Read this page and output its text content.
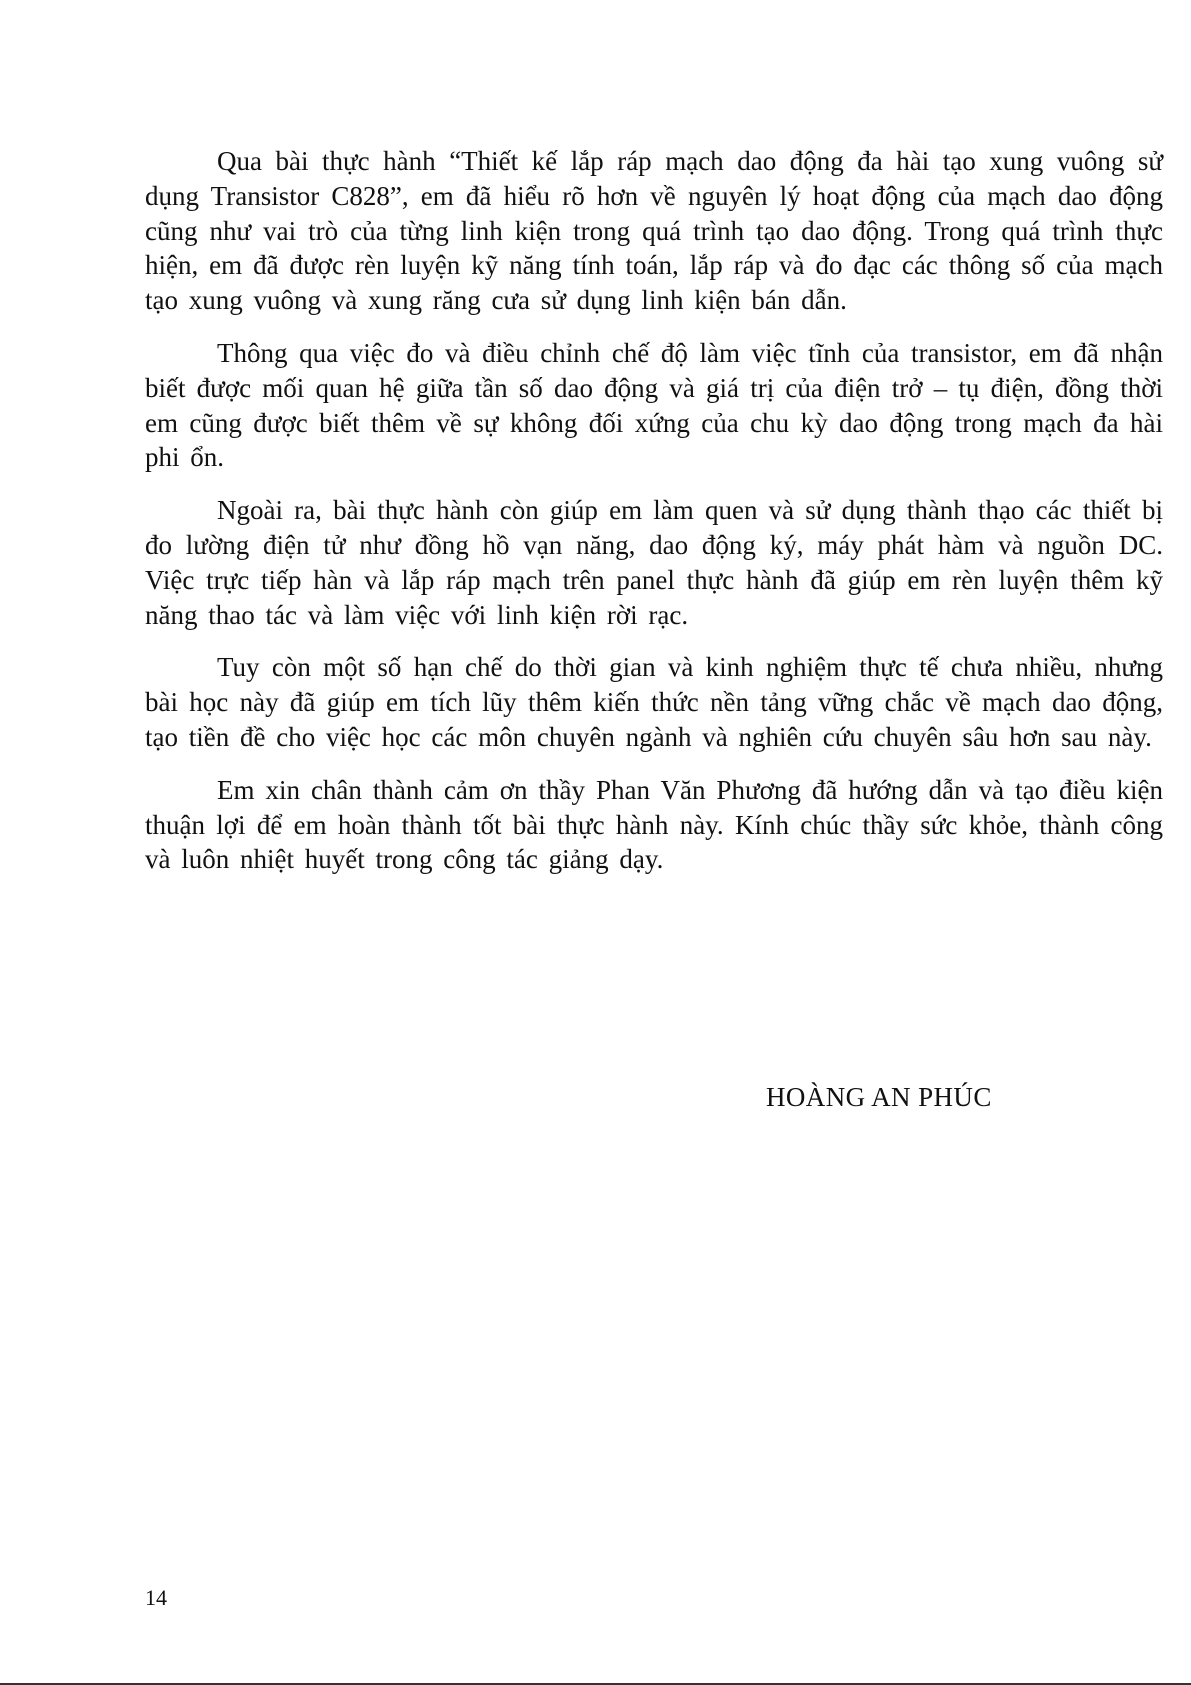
Qua bài thực hành “Thiết kế lắp ráp mạch dao động đa hài tạo xung vuông sử dụng Transistor C828”, em đã hiểu rõ hơn về nguyên lý hoạt động của mạch dao động cũng như vai trò của từng linh kiện trong quá trình tạo dao động. Trong quá trình thực hiện, em đã được rèn luyện kỹ năng tính toán, lắp ráp và đo đạc các thông số của mạch tạo xung vuông và xung răng cưa sử dụng linh kiện bán dẫn.

Thông qua việc đo và điều chỉnh chế độ làm việc tĩnh của transistor, em đã nhận biết được mối quan hệ giữa tần số dao động và giá trị của điện trở – tụ điện, đồng thời em cũng được biết thêm về sự không đối xứng của chu kỳ dao động trong mạch đa hài phi ổn.

Ngoài ra, bài thực hành còn giúp em làm quen và sử dụng thành thạo các thiết bị đo lường điện tử như đồng hồ vạn năng, dao động ký, máy phát hàm và nguồn DC. Việc trực tiếp hàn và lắp ráp mạch trên panel thực hành đã giúp em rèn luyện thêm kỹ năng thao tác và làm việc với linh kiện rời rạc.

Tuy còn một số hạn chế do thời gian và kinh nghiệm thực tế chưa nhiều, nhưng bài học này đã giúp em tích lũy thêm kiến thức nền tảng vững chắc về mạch dao động, tạo tiền đề cho việc học các môn chuyên ngành và nghiên cứu chuyên sâu hơn sau này.

Em xin chân thành cảm ơn thầy Phan Văn Phương đã hướng dẫn và tạo điều kiện thuận lợi để em hoàn thành tốt bài thực hành này. Kính chúc thầy sức khỏe, thành công và luôn nhiệt huyết trong công tác giảng dạy.

HOÀNG AN PHÚC
14
